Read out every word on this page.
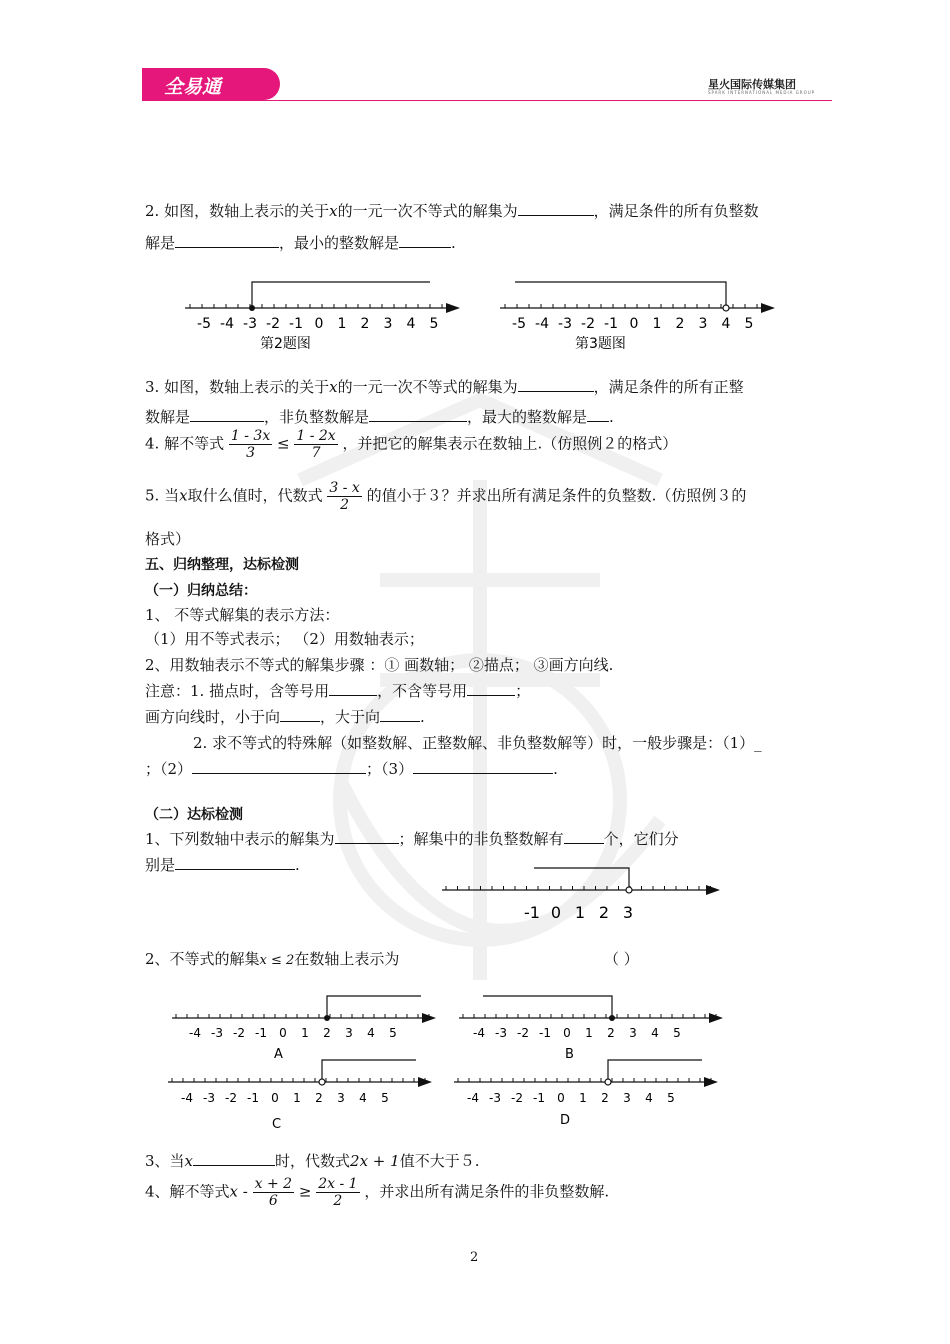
全易通	星火国际传媒集团
SPARK INTERNATIONAL MEDIA GROUP
2. 如图，数轴上表示的关于x的一元一次不等式的解集为	，满足条件的所有负整数
解是	，最小的整数解是	.
-5 -4 -3 -2 -1 0 1 2 3 4 5
第2题图
-5 -4 -3 -2 -1 0 1 2 3 4 5
第3题图
3. 如图，数轴上表示的关于x的一元一次不等式的解集为	，满足条件的所有正整
数解是	，非负整数解是	，最大的整数解是 .
4. 解不等式 $\frac{1 - 3x}{3} \le \frac{1 - 2x}{7}$ ，并把它的解集表示在数轴上.（仿照例２的格式）
5. 当x取什么值时，代数式 $\frac{3 - x}{2}$ 的值小于３？并求出所有满足条件的负整数.（仿照例３的
格式）
五、归纳整理，达标检测
（一）归纳总结：
1、 不等式解集的表示方法：
（1）用不等式表示； （2）用数轴表示；
2、用数轴表示不等式的解集步骤 ：① 画数轴； ②描点； ③画方向线.
注意：1. 描点时，含等号用	，不含等号用	；
画方向线时，小于向	，大于向	.
2. 求不等式的特殊解（如整数解、正整数解、非负整数解等）时，一般步骤是：（1）_
；（2）	；（3）	.
（二）达标检测
1、下列数轴中表示的解集为	；解集中的非负整数解有	个，它们分
别是	.
-1 0 1 2 3
2、不等式的解集x ≤ 2在数轴上表示为	（ ）
-4 -3 -2 -1 0 1 2 3 4 5
A
-4 -3 -2 -1 0 1 2 3 4 5
B
-4 -3 -2 -1 0 1 2 3 4 5
C
-4 -3 -2 -1 0 1 2 3 4 5
D
3、当x	时，代数式2x + 1值不大于５.
4、解不等式$x - \frac{x + 2}{6} \ge \frac{2x - 1}{2}$ ，并求出所有满足条件的非负整数解.
2
